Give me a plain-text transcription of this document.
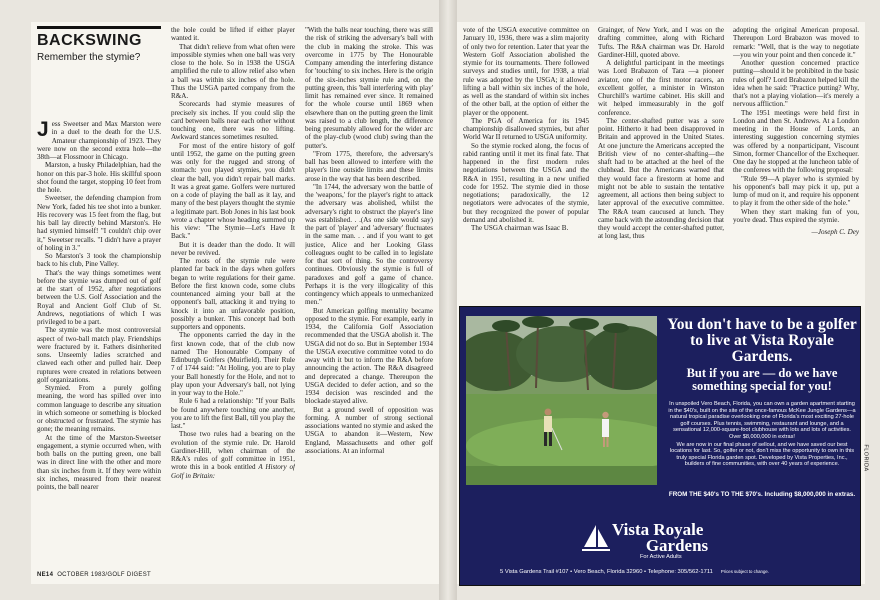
BACKSWING
Remember the stymie?

Jess Sweetser and Max Marston were in a duel to the death for the U.S. Amateur championship of 1923. They were now on the second extra hole—the 38th—at Flossmoor in Chicago.

Marston, a husky Philadelphian, had the honor on this par-3 hole. His skillful spoon shot found the target, stopping 10 feet from the hole.

Sweetser, the defending champion from New York, faded his tee shot into a bunker. His recovery was 15 feet from the flag, but his ball lay directly behind Marston's. He had stymied himself! "I couldn't chip over it," Sweetser recalls. "I didn't have a prayer of holing in 3."

So Marston's 3 took the championship back to his club, Pine Valley.

That's the way things sometimes went before the stymie was dumped out of golf at the start of 1952, after negotiations between the U.S. Golf Association and the Royal and Ancient Golf Club of St. Andrews, negotiations of which I was privileged to be a part.

The stymie was the most controversial aspect of two-ball match play. Friendships were fractured by it. Fathers disinherited sons. Unseemly ladies scratched and clawed each other and pulled hair. Deep ruptures were created in relations between golf organizations.

Stymied. From a purely golfing meaning, the word has spilled over into common language to describe any situation in which someone or something is blocked or obstructed or frustrated. The stymie has gone; the meaning remains.

At the time of the Marston-Sweetser engagement, a stymie occurred when, with both balls on the putting green, one ball was in direct line with the other and more than six inches from it. If they were within six inches, measured from their nearest points, the ball nearer

the hole could be lifted if either player wanted it.

That didn't relieve from what often were impossible stymies when one ball was very close to the hole. So in 1938 the USGA amplified the rule to allow relief also when a ball was within six inches of the hole. Thus the USGA parted company from the R&A.

Scorecards had stymie measures of precisely six inches. If you could slip the card between balls near each other without touching one, there was no lifting. Awkward stances sometimes resulted.

For most of the entire history of golf until 1952, the game on the putting green was only for the rugged and strong of stomach: you played stymies, you didn't clear the ball, you didn't repair ball marks. It was a great game. Golfers were nurtured on a code of playing the ball as it lay, and many of the best players thought the stymie a legitimate part. Bob Jones in his last book wrote a chapter whose heading summed up his view: "The Stymie—Let's Have It Back."

But it is deader than the dodo. It will never be revived.

The roots of the stymie rule were planted far back in the days when golfers began to write regulations for their game. Before the first known code, some clubs countenanced aiming your ball at the opponent's ball, attacking it and trying to knock it into an unfavorable position, possibly a bunker. This concept had both supporters and opponents.

The opponents carried the day in the first known code, that of the club now named The Honourable Company of Edinburgh Golfers (Muirfield). Their Rule 7 of 1744 said: "At Holing, you are to play your Ball honestly for the Hole, and not to play upon your Adversary's ball, not lying in your way to the Hole."

Rule 6 had a relationship: "If your Balls be found anywhere touching one another, you are to lift the first Ball, till you play the last."

Those two rules had a bearing on the evolution of the stymie rule. Dr. Harold Gardiner-Hill, when chairman of the R&A's rules of golf committee in 1951, wrote this in a book entitled A History of Golf in Britain:

"With the balls near touching, there was still the risk of striking the adversary's ball with the club in making the stroke. This was overcome in 1775 by The Honourable Company amending the interfering distance for 'touching' to six inches. Here is the origin of the six-inches stymie rule and, on the putting green, this 'ball interfering with play' limit has remained ever since. It remained for the whole course until 1869 when elsewhere than on the putting green the limit was raised to a club length, the difference being presumably allowed for the wider arc of the play-club (wood club) swing than the putter's.

"From 1775, therefore, the adversary's ball has been allowed to interfere with the player's line outside limits and these limits arose in the way that has been described.

"In 1744, the adversary won the battle of the 'weapons,' for the player's right to attack the adversary was abolished, whilst the adversary's right to obstruct the player's line was established. . .(As one side would say) the part of 'player' and 'adversary' fluctuates in the same man. . . and if you want to get justice, Alice and her Looking Glass colleagues ought to be called in to legislate for that sort of thing. So the controversy continues. Obviously the stymie is full of paradoxes and golf a game of chance. Perhaps it is the very illogicality of this contingency which appeals to unmechanized men."

But American golfing mentality became opposed to the stymie. For example, early in 1934, the California Golf Association recommended that the USGA abolish it. The USGA did not do so. But in September 1934 the USGA executive committee voted to do away with it but to inform the R&A before announcing the action. The R&A disagreed and deprecated a change. Thereupon the USGA decided to defer action, and so the 1934 decision was rescinded and the blockade stayed alive.

But a ground swell of opposition was forming. A number of strong sectional associations wanted no stymie and asked the USGA to abandon it—Western, New England, Massachusetts and other golf associations. At an informal

NE14 OCTOBER 1983/GOLF DIGEST

vote of the USGA executive committee on January 10, 1936, there was a slim majority of only two for retention. Later that year the Western Golf Association abolished the stymie for its tournaments. There followed surveys and studies until, for 1938, a trial rule was adopted by the USGA; it allowed lifting a ball within six inches of the hole, as well as the standard of within six inches of the other ball, at the option of either the player or the opponent.

The PGA of America for its 1945 championship disallowed stymies, but after World War II returned to USGA uniformity.

So the stymie rocked along, the focus of rabid ranting until it met its final fate. That happened in the first modern rules negotiations between the USGA and the R&A in 1951, resulting in a new unified code for 1952. The stymie died in those negotiations; paradoxically, the 12 negotiators were advocates of the stymie, but they recognized the power of popular demand and abolished it.

The USGA chairman was Isaac B.

Grainger, of New York, and I was on the drafting committee, along with Richard Tufts. The R&A chairman was Dr. Harold Gardiner-Hill, quoted above.

A delightful participant in the meetings was Lord Brabazon of Tara —a pioneer aviator, one of the first motor racers, an excellent golfer, a minister in Winston Churchill's wartime cabinet. His skill and wit helped immeasurably in the golf conference.

The center-shafted putter was a sore point. Hitherto it had been disapproved in Britain and approved in the United States. At one juncture the Americans accepted the British view of no center-shafting—the shaft had to be attached at the heel of the clubhead. But the Americans warned that they would face a firestorm at home and might not be able to sustain the tentative agreement, all actions then being subject to later approval of the executive committee. The R&A team caucused at lunch. They came back with the astounding decision that they would accept the center-shafted putter, at long last, thus

adopting the original American proposal. Thereupon Lord Brabazon was moved to remark: "Well, that is the way to negotiate—you win your point and then concede it."

Another question concerned practice putting—should it be prohibited in the basic rules of golf? Lord Brabazon helped kill the idea when he said: "Practice putting? Why, that's not a playing violation—it's merely a nervous affliction."

The 1951 meetings were held first in London and then St. Andrews. At a London meeting in the House of Lords, an interesting suggestion concerning stymies was offered by a nonparticipant, Viscount Simon, former Chancellor of the Exchequer. One day he stopped at the luncheon table of the conferees with the following proposal:

"Rule 99—A player who is stymied by his opponent's ball may pick it up, put a lump of mud on it, and require his opponent to play it from the other side of the hole."

When they start making fun of you, you're dead. Thus expired the stymie.

—Joseph C. Dey
You don't have to be a golfer to live at Vista Royale Gardens.
But if you are — do we have something special for you!

In unspoiled Vero Beach, Florida, you can own a garden apartment starting in the $40's, built on the site of the once-famous McKee Jungle Gardens—a natural tropical paradise overlooking one of Florida's most exciting 27-hole golf courses. Plus tennis, swimming, restaurant and lounge, and a sensational 12,000-square-foot clubhouse with lots and lots of activities. Over $8,000,000 in extras!

We are now in our final phase of sellout, and we have saved our best locations for last. So, golfer or not, don't miss the opportunity to own in this truly special Florida garden spot. Developed by Vista Properties, Inc., builders of fine communities, with over 40 years of experience.

FROM THE $40's TO THE $70's. Including $8,000,000 in extras.
Vista Royale
Gardens
For Active Adults
5 Vista Gardens Trail #107 • Vero Beach, Florida 32960 • Telephone: 305/562-1711 Prices subject to change.
FLORIDA
